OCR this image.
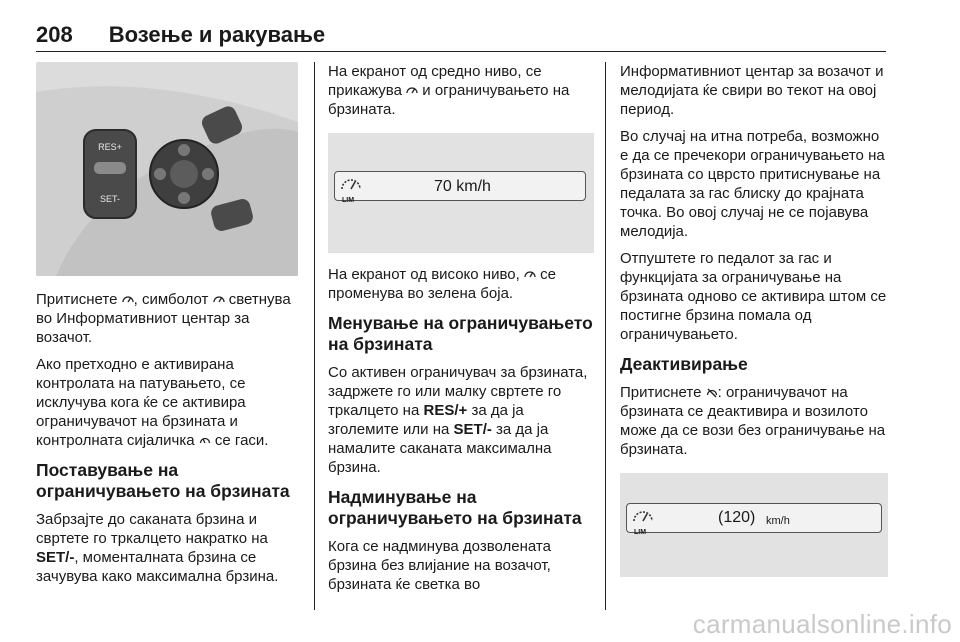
208 Возење и ракување
RES+
SET-

Притиснете , симболот светнува во Информативниот центар за возачот.

Ако претходно е активирана контролата на патувањето, се исклучува кога ќе се активира ограничувачот на брзината и контролната сијаличка се гаси.

Поставување на ограничувањето на брзината

Забрзајте до саканата брзина и свртете го тркалцето накратко на
SET/-, моменталната брзина се зачувува како максимална брзина.

На екранот од средно ниво, се прикажува и ограничувањето на брзината.

LIM
70 km/h

На екранот од високо ниво, се променува во зелена боја.

Менување на ограничувањето на брзината

Со активен ограничувач за брзината, задржете го или малку свртете го тркалцето на RES/+ за да ја зголемите или на SET/- за да ја намалите саканата максимална брзина.

Надминување на ограничувањето на брзината

Кога се надминува дозволената брзина без влијание на возачот, брзината ќе светка во

Информативниот центар за возачот и мелодијата ќе свири во текот на овој период.

Во случај на итна потреба, возможно е да се пречекори ограничувањето на брзината со цврсто притиснување на педалата за гас блиску до крајната точка. Во овој случај не се појавува мелодија.

Отпуштете го педалот за гас и функцијата за ограничување на брзината одново се активира штом се постигне брзина помала од ограничувањето.

Деактивирање

Притиснете : ограничувачот на брзината се деактивира и возилото може да се вози без ограничување на брзината.

LIM
(120) km/h
carmanualsonline.info
